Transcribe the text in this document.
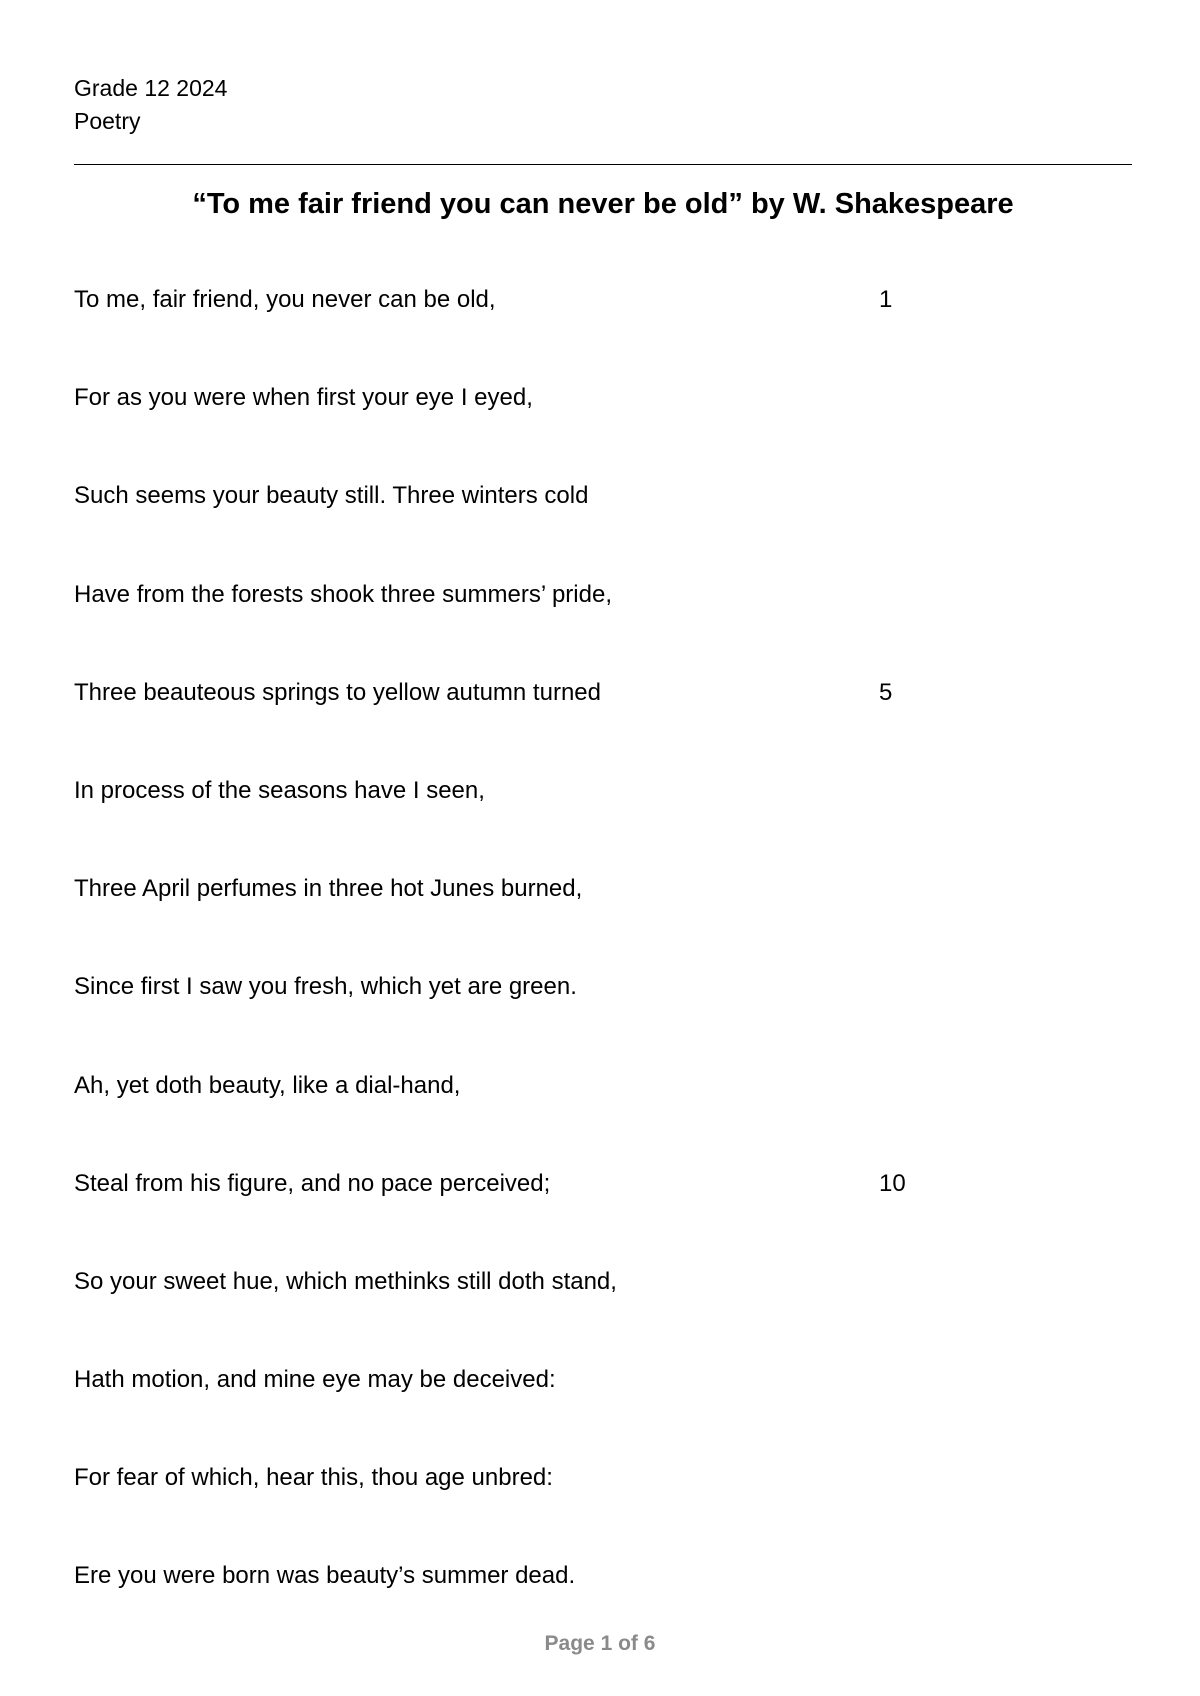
Grade 12 2024
Poetry
“To me fair friend you can never be old” by W. Shakespeare
To me, fair friend, you never can be old,	1
For as you were when first your eye I eyed,
Such seems your beauty still. Three winters cold
Have from the forests shook three summers’ pride,
Three beauteous springs to yellow autumn turned	5
In process of the seasons have I seen,
Three April perfumes in three hot Junes burned,
Since first I saw you fresh, which yet are green.
Ah, yet doth beauty, like a dial-hand,
Steal from his figure, and no pace perceived;	10
So your sweet hue, which methinks still doth stand,
Hath motion, and mine eye may be deceived:
For fear of which, hear this, thou age unbred:
Ere you were born was beauty’s summer dead.
Page 1 of 6
